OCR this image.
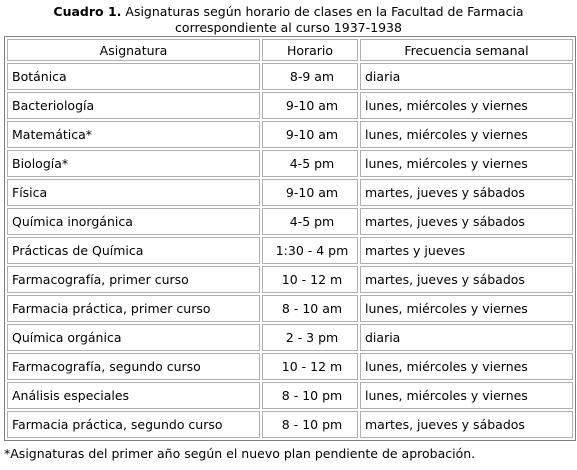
Cuadro 1. Asignaturas según horario de clases en la Facultad de Farmacia
correspondiente al curso 1937-1938
Asignatura	Horario	Frecuencia semanal
Botánica	8-9 am	diaria
Bacteriología	9-10 am	lunes, miércoles y viernes
Matemática*	9-10 am	lunes, miércoles y viernes
Biología*	4-5 pm	lunes, miércoles y viernes
Física	9-10 am	martes, jueves y sábados
Química inorgánica	4-5 pm	martes, jueves y sábados
Prácticas de Química	1:30 - 4 pm	martes y jueves
Farmacografía, primer curso	10 - 12 m	martes, jueves y sábados
Farmacia práctica, primer curso	8 - 10 am	lunes, miércoles y viernes
Química orgánica	2 - 3 pm	diaria
Farmacografía, segundo curso	10 - 12 m	lunes, miércoles y viernes
Análisis especiales	8 - 10 pm	lunes, miércoles y viernes
Farmacia práctica, segundo curso	8 - 10 pm	martes, jueves y sábados
*Asignaturas del primer año según el nuevo plan pendiente de aprobación.
